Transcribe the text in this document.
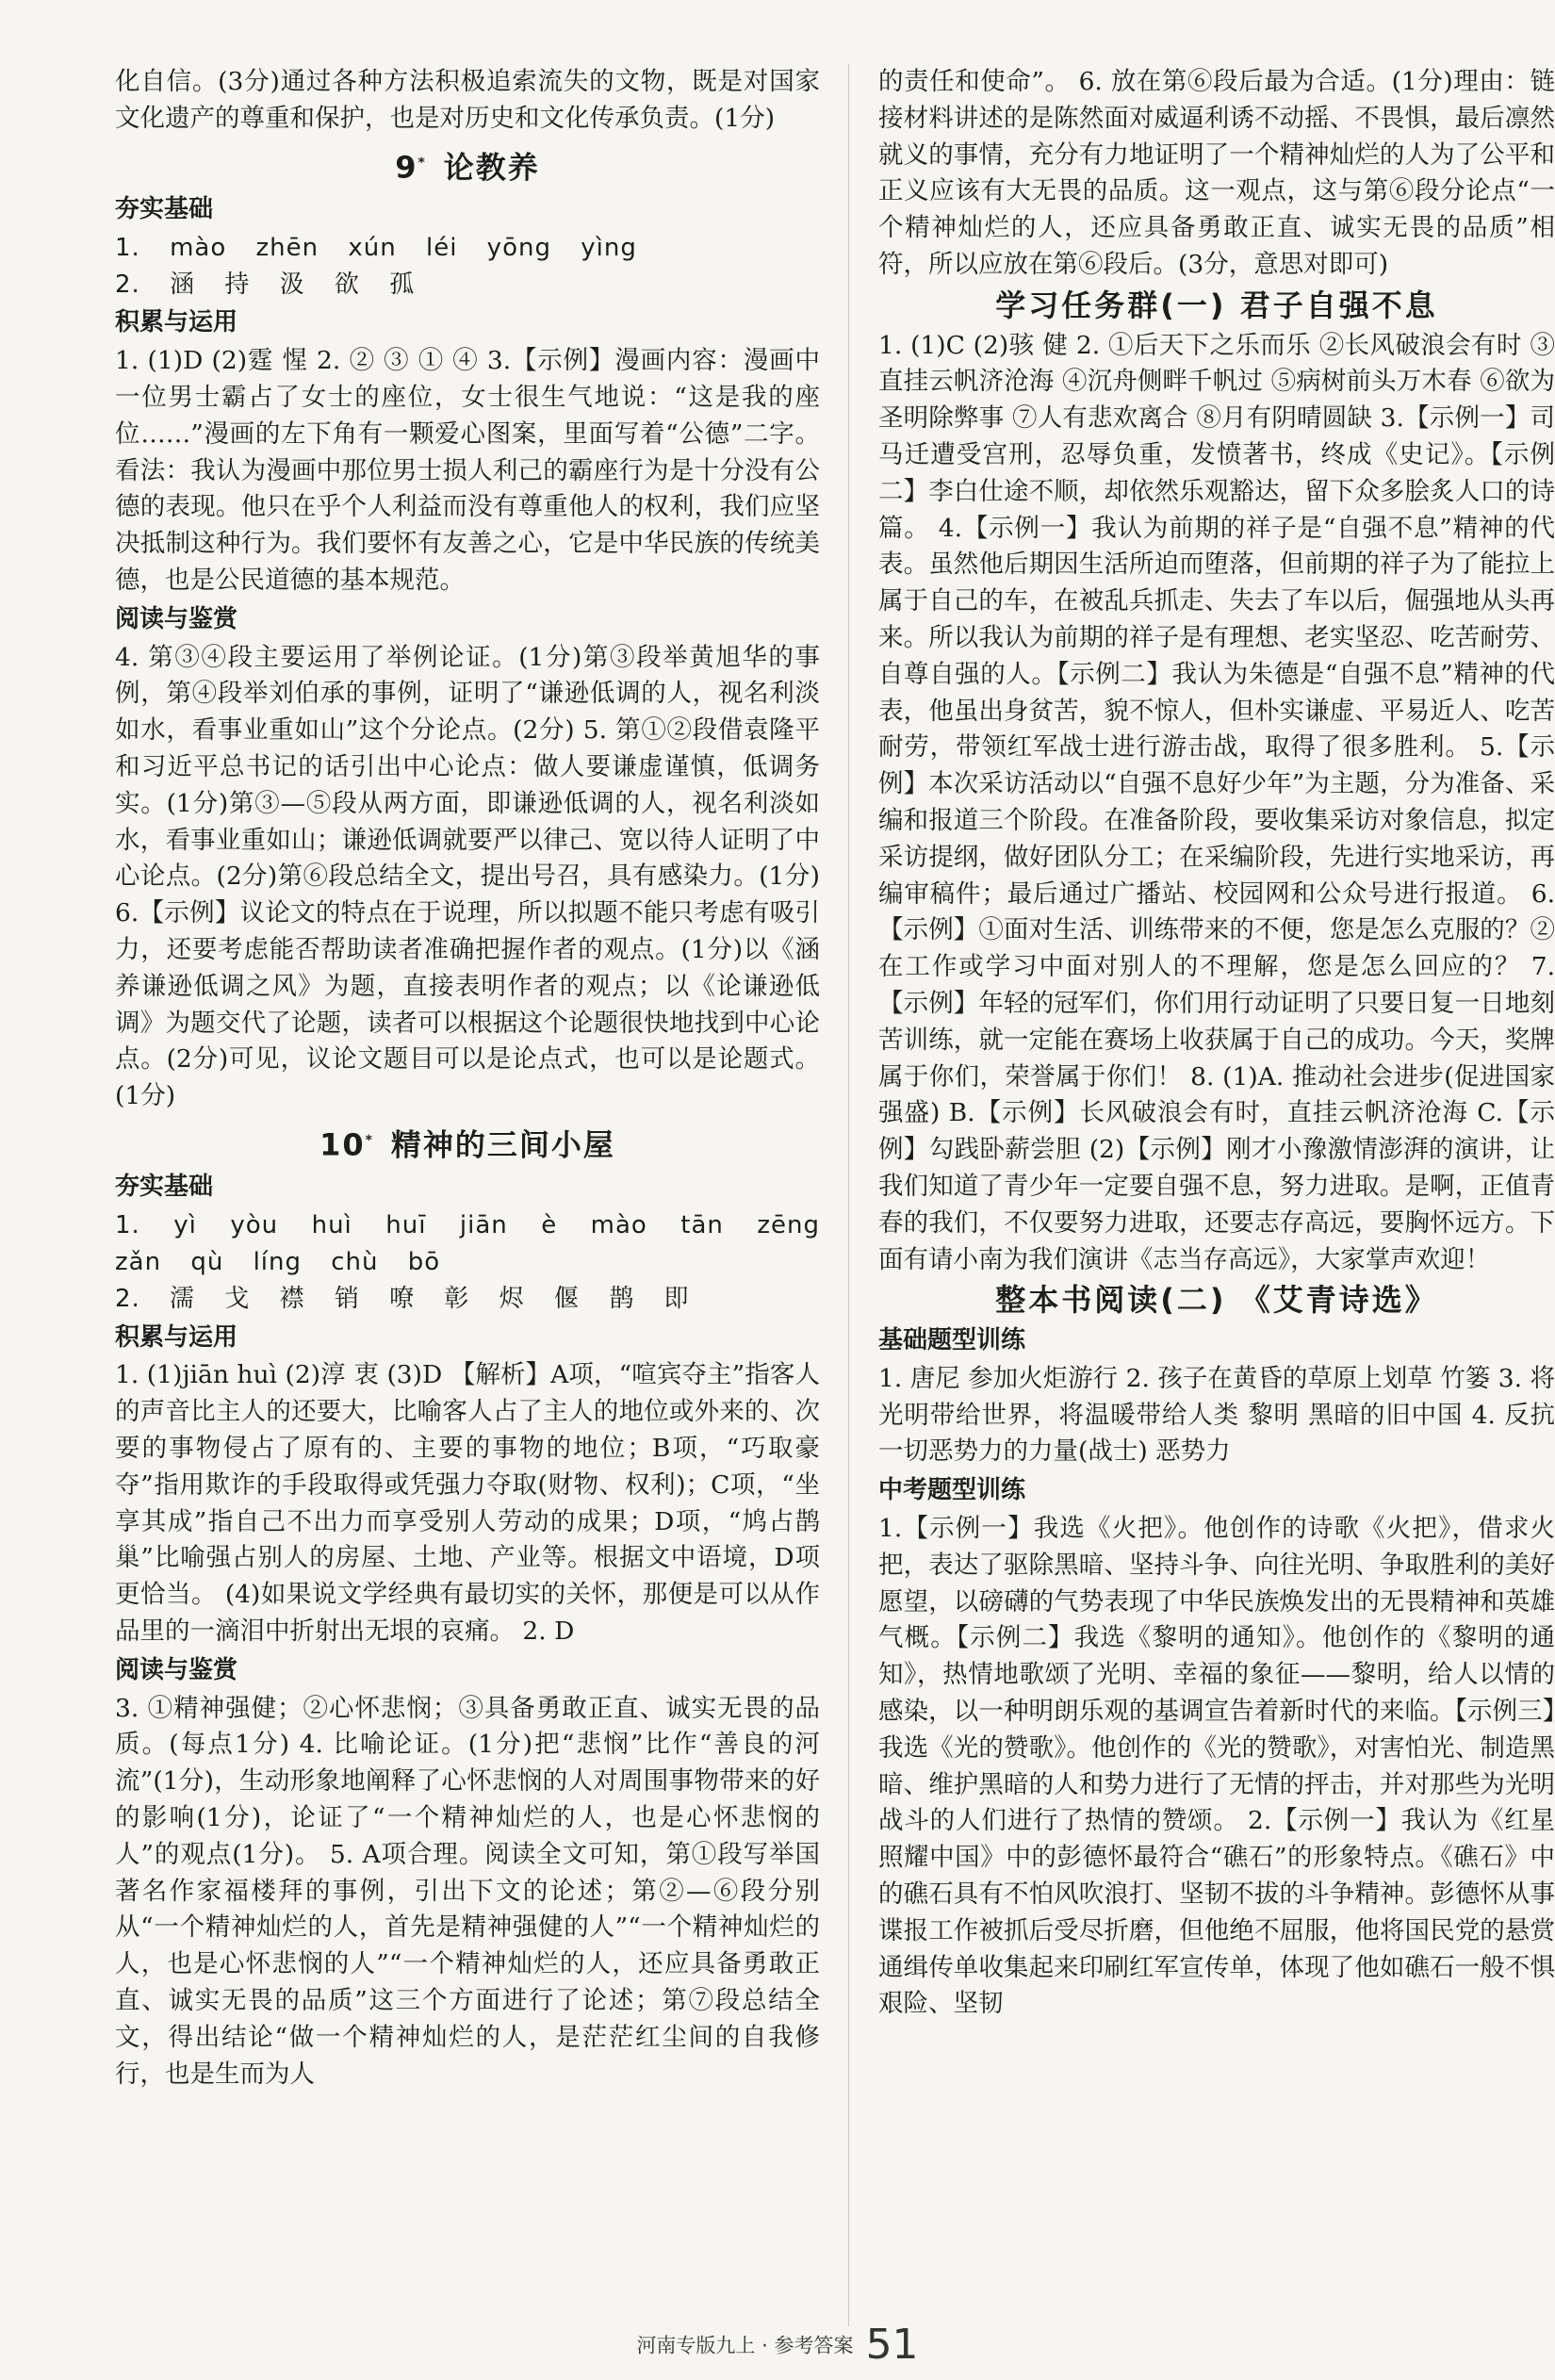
化自信。(3分)通过各种方法积极追索流失的文物，既是对国家文化遗产的尊重和保护，也是对历史和文化传承负责。(1分)

9* 论教养
夯实基础

1. mào zhēn xún léi yōng yìng

2. 涵 持 汲 欲 孤

积累与运用

1. (1)D (2)霆 惺 2. ② ③ ① ④ 3.【示例】漫画内容：漫画中一位男士霸占了女士的座位，女士很生气地说：“这是我的座位……”漫画的左下角有一颗爱心图案，里面写着“公德”二字。看法：我认为漫画中那位男士损人利己的霸座行为是十分没有公德的表现。他只在乎个人利益而没有尊重他人的权利，我们应坚决抵制这种行为。我们要怀有友善之心，它是中华民族的传统美德，也是公民道德的基本规范。

阅读与鉴赏

4. 第③④段主要运用了举例论证。(1分)第③段举黄旭华的事例，第④段举刘伯承的事例，证明了“谦逊低调的人，视名利淡如水，看事业重如山”这个分论点。(2分) 5. 第①②段借袁隆平和习近平总书记的话引出中心论点：做人要谦虚谨慎，低调务实。(1分)第③—⑤段从两方面，即谦逊低调的人，视名利淡如水，看事业重如山；谦逊低调就要严以律己、宽以待人证明了中心论点。(2分)第⑥段总结全文，提出号召，具有感染力。(1分) 6.【示例】议论文的特点在于说理，所以拟题不能只考虑有吸引力，还要考虑能否帮助读者准确把握作者的观点。(1分)以《涵养谦逊低调之风》为题，直接表明作者的观点；以《论谦逊低调》为题交代了论题，读者可以根据这个论题很快地找到中心论点。(2分)可见，议论文题目可以是论点式，也可以是论题式。(1分)

10* 精神的三间小屋
夯实基础

1. yì yòu huì huī jiān è mào tān zēng zǎn qù líng chù bō

2. 濡 戈 襟 销 嘹 彰 烬 偃 鹊 即

积累与运用

1. (1)jiān huì (2)淳 衷 (3)D 【解析】A项，“喧宾夺主”指客人的声音比主人的还要大，比喻客人占了主人的地位或外来的、次要的事物侵占了原有的、主要的事物的地位；B项，“巧取豪夺”指用欺诈的手段取得或凭强力夺取(财物、权利)；C项，“坐享其成”指自己不出力而享受别人劳动的成果；D项，“鸠占鹊巢”比喻强占别人的房屋、土地、产业等。根据文中语境，D项更恰当。 (4)如果说文学经典有最切实的关怀，那便是可以从作品里的一滴泪中折射出无垠的哀痛。 2. D

阅读与鉴赏

3. ①精神强健；②心怀悲悯；③具备勇敢正直、诚实无畏的品质。(每点1分) 4. 比喻论证。(1分)把“悲悯”比作“善良的河流”(1分)，生动形象地阐释了心怀悲悯的人对周围事物带来的好的影响(1分)，论证了“一个精神灿烂的人，也是心怀悲悯的人”的观点(1分)。 5. A项合理。阅读全文可知，第①段写举国著名作家福楼拜的事例，引出下文的论述；第②—⑥段分别从“一个精神灿烂的人，首先是精神强健的人”“一个精神灿烂的人，也是心怀悲悯的人”“一个精神灿烂的人，还应具备勇敢正直、诚实无畏的品质”这三个方面进行了论述；第⑦段总结全文，得出结论“做一个精神灿烂的人，是茫茫红尘间的自我修行，也是生而为人

的责任和使命”。 6. 放在第⑥段后最为合适。(1分)理由：链接材料讲述的是陈然面对威逼利诱不动摇、不畏惧，最后凛然就义的事情，充分有力地证明了一个精神灿烂的人为了公平和正义应该有大无畏的品质。这一观点，这与第⑥段分论点“一个精神灿烂的人，还应具备勇敢正直、诚实无畏的品质”相符，所以应放在第⑥段后。(3分，意思对即可)

学习任务群(一) 君子自强不息

1. (1)C (2)骇 健 2. ①后天下之乐而乐 ②长风破浪会有时 ③直挂云帆济沧海 ④沉舟侧畔千帆过 ⑤病树前头万木春 ⑥欲为圣明除弊事 ⑦人有悲欢离合 ⑧月有阴晴圆缺 3.【示例一】司马迁遭受宫刑，忍辱负重，发愤著书，终成《史记》。【示例二】李白仕途不顺，却依然乐观豁达，留下众多脍炙人口的诗篇。 4.【示例一】我认为前期的祥子是“自强不息”精神的代表。虽然他后期因生活所迫而堕落，但前期的祥子为了能拉上属于自己的车，在被乱兵抓走、失去了车以后，倔强地从头再来。所以我认为前期的祥子是有理想、老实坚忍、吃苦耐劳、自尊自强的人。【示例二】我认为朱德是“自强不息”精神的代表，他虽出身贫苦，貌不惊人，但朴实谦虚、平易近人、吃苦耐劳，带领红军战士进行游击战，取得了很多胜利。 5.【示例】本次采访活动以“自强不息好少年”为主题，分为准备、采编和报道三个阶段。在准备阶段，要收集采访对象信息，拟定采访提纲，做好团队分工；在采编阶段，先进行实地采访，再编审稿件；最后通过广播站、校园网和公众号进行报道。 6.【示例】①面对生活、训练带来的不便，您是怎么克服的？②在工作或学习中面对别人的不理解，您是怎么回应的？ 7.【示例】年轻的冠军们，你们用行动证明了只要日复一日地刻苦训练，就一定能在赛场上收获属于自己的成功。今天，奖牌属于你们，荣誉属于你们！ 8. (1)A. 推动社会进步(促进国家强盛) B.【示例】长风破浪会有时，直挂云帆济沧海 C.【示例】勾践卧薪尝胆 (2)【示例】刚才小豫激情澎湃的演讲，让我们知道了青少年一定要自强不息，努力进取。是啊，正值青春的我们，不仅要努力进取，还要志存高远，要胸怀远方。下面有请小南为我们演讲《志当存高远》，大家掌声欢迎！

整本书阅读(二) 《艾青诗选》
基础题型训练

1. 唐尼 参加火炬游行 2. 孩子在黄昏的草原上划草 竹篓 3. 将光明带给世界，将温暖带给人类 黎明 黑暗的旧中国 4. 反抗一切恶势力的力量(战士) 恶势力

中考题型训练

1.【示例一】我选《火把》。他创作的诗歌《火把》，借求火把，表达了驱除黑暗、坚持斗争、向往光明、争取胜利的美好愿望，以磅礴的气势表现了中华民族焕发出的无畏精神和英雄气概。【示例二】我选《黎明的通知》。他创作的《黎明的通知》，热情地歌颂了光明、幸福的象征——黎明，给人以情的感染，以一种明朗乐观的基调宣告着新时代的来临。【示例三】我选《光的赞歌》。他创作的《光的赞歌》，对害怕光、制造黑暗、维护黑暗的人和势力进行了无情的抨击，并对那些为光明战斗的人们进行了热情的赞颂。 2.【示例一】我认为《红星照耀中国》中的彭德怀最符合“礁石”的形象特点。《礁石》中的礁石具有不怕风吹浪打、坚韧不拔的斗争精神。彭德怀从事谍报工作被抓后受尽折磨，但他绝不屈服，他将国民党的悬赏通缉传单收集起来印刷红军宣传单，体现了他如礁石一般不惧艰险、坚韧

河南专版九上 · 参考答案 51
